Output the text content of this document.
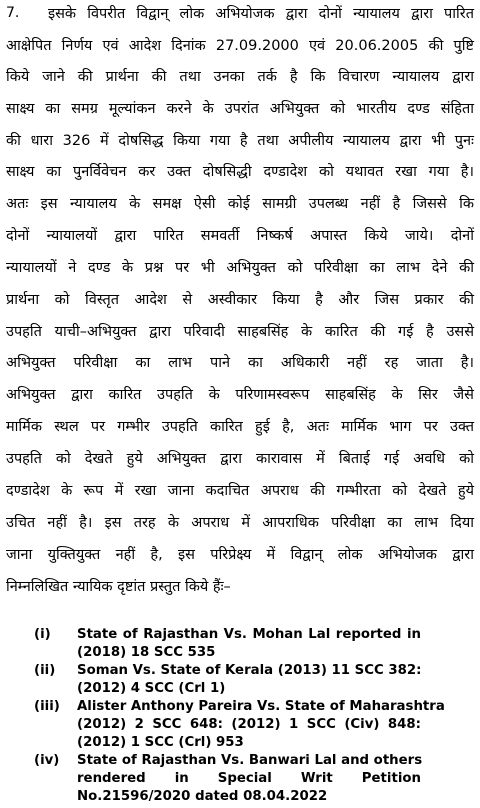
7. इसके विपरीत विद्वान् लोक अभियोजक द्वारा दोनों न्यायालय द्वारा पारित
आक्षेपित निर्णय एवं आदेश दिनांक 27.09.2000 एवं 20.06.2005 की पुष्टि
किये जाने की प्रार्थना की तथा उनका तर्क है कि विचारण न्यायालय द्वारा
साक्ष्य का समग्र मूल्यांकन करने के उपरांत अभियुक्त को भारतीय दण्ड संहिता
की धारा 326 में दोषसिद्ध किया गया है तथा अपीलीय न्यायालय द्वारा भी पुनः
साक्ष्य का पुनर्विवेचन कर उक्त दोषसिद्धी दण्डादेश को यथावत रखा गया है।
अतः इस न्यायालय के समक्ष ऐसी कोई सामग्री उपलब्ध नहीं है जिससे कि
दोनों न्यायालयों द्वारा पारित समवर्ती निष्कर्ष अपास्त किये जाये। दोनों
न्यायालयों ने दण्ड के प्रश्न पर भी अभियुक्त को परिवीक्षा का लाभ देने की
प्रार्थना को विस्तृत आदेश से अस्वीकार किया है और जिस प्रकार की
उपहति याची–अभियुक्त द्वारा परिवादी साहबसिंह के कारित की गई है उससे
अभियुक्त परिवीक्षा का लाभ पाने का अधिकारी नहीं रह जाता है।
अभियुक्त द्वारा कारित उपहति के परिणामस्वरूप साहबसिंह के सिर जैसे
मार्मिक स्थल पर गम्भीर उपहति कारित हुई है, अतः मार्मिक भाग पर उक्त
उपहति को देखते हुये अभियुक्त द्वारा कारावास में बिताई गई अवधि को
दण्डादेश के रूप में रखा जाना कदाचित अपराध की गम्भीरता को देखते हुये
उचित नहीं है। इस तरह के अपराध में आपराधिक परिवीक्षा का लाभ दिया
जाना युक्तियुक्त नहीं है, इस परिप्रेक्ष्य में विद्वान् लोक अभियोजक द्वारा
निम्नलिखित न्यायिक दृष्टांत प्रस्तुत किये हैंः–
(i)	State of Rajasthan Vs. Mohan Lal reported in
(2018) 18 SCC 535
(ii)	Soman Vs. State of Kerala (2013) 11 SCC 382:
(2012) 4 SCC (Crl 1)
(iii)	Alister Anthony Pareira Vs. State of Maharashtra
(2012) 2 SCC 648: (2012) 1 SCC (Civ) 848:
(2012) 1 SCC (Crl) 953
(iv)	State of Rajasthan Vs. Banwari Lal and others
rendered in Special Writ Petition
No.21596/2020 dated 08.04.2022
